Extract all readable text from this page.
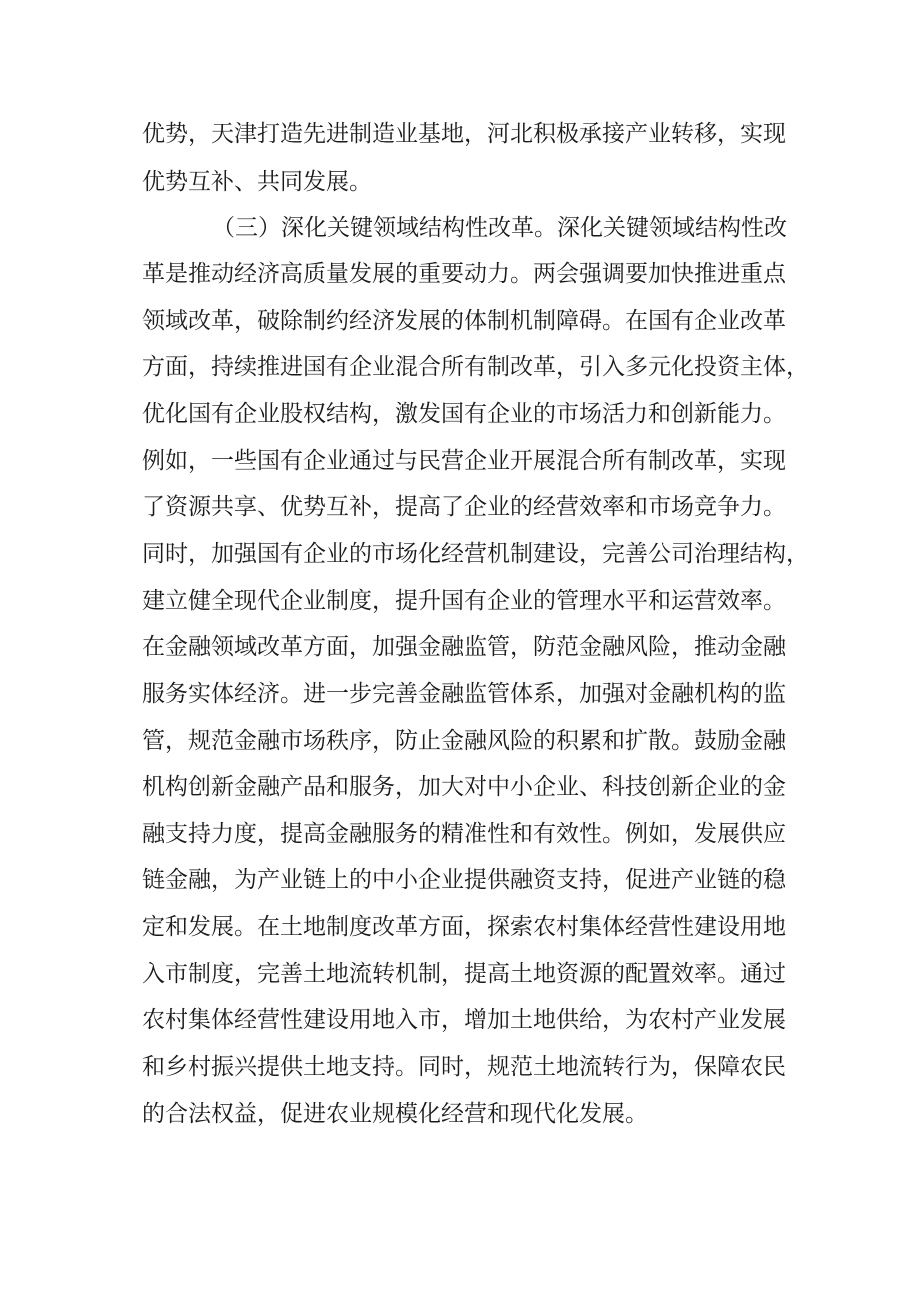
优势，天津打造先进制造业基地，河北积极承接产业转移，实现
优势互补、共同发展。
（三）深化关键领域结构性改革。深化关键领域结构性改
革是推动经济高质量发展的重要动力。两会强调要加快推进重点
领域改革，破除制约经济发展的体制机制障碍。在国有企业改革
方面，持续推进国有企业混合所有制改革，引入多元化投资主体，
优化国有企业股权结构，激发国有企业的市场活力和创新能力。
例如，一些国有企业通过与民营企业开展混合所有制改革，实现
了资源共享、优势互补，提高了企业的经营效率和市场竞争力。
同时，加强国有企业的市场化经营机制建设，完善公司治理结构，
建立健全现代企业制度，提升国有企业的管理水平和运营效率。
在金融领域改革方面，加强金融监管，防范金融风险，推动金融
服务实体经济。进一步完善金融监管体系，加强对金融机构的监
管，规范金融市场秩序，防止金融风险的积累和扩散。鼓励金融
机构创新金融产品和服务，加大对中小企业、科技创新企业的金
融支持力度，提高金融服务的精准性和有效性。例如，发展供应
链金融，为产业链上的中小企业提供融资支持，促进产业链的稳
定和发展。在土地制度改革方面，探索农村集体经营性建设用地
入市制度，完善土地流转机制，提高土地资源的配置效率。通过
农村集体经营性建设用地入市，增加土地供给，为农村产业发展
和乡村振兴提供土地支持。同时，规范土地流转行为，保障农民
的合法权益，促进农业规模化经营和现代化发展。
